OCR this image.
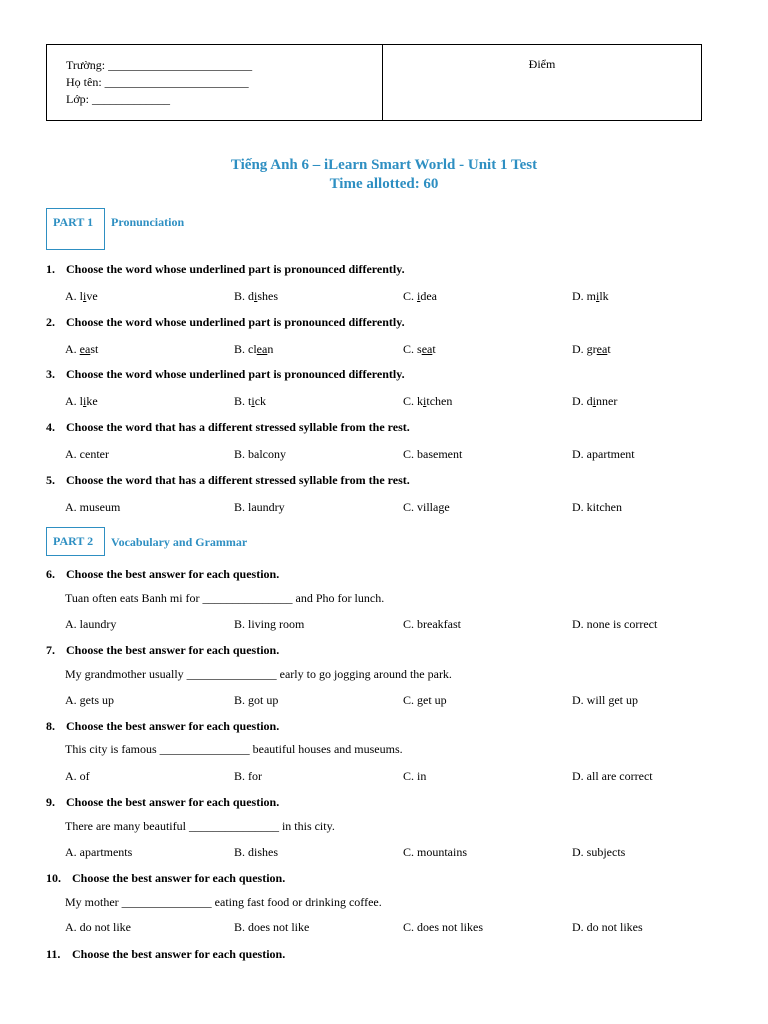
Trường: ________________________
Họ tên: ________________________
Lớp: _____________
Điểm
Tiếng Anh 6 – iLearn Smart World - Unit 1 Test
Time allotted: 60
PART 1	Pronunciation
PART 2	Vocabulary and Grammar
1. Choose the word whose underlined part is pronounced differently.
A. live	B. dishes	C. idea	D. milk
2. Choose the word whose underlined part is pronounced differently.
A. east	B. clean	C. seat	D. great
3. Choose the word whose underlined part is pronounced differently.
A. like	B. tick	C. kitchen	D. dinner
4. Choose the word that has a different stressed syllable from the rest.
A. center	B. balcony	C. basement	D. apartment
5. Choose the word that has a different stressed syllable from the rest.
A. museum	B. laundry	C. village	D. kitchen
6. Choose the best answer for each question.
Tuan often eats Banh mi for _______________ and Pho for lunch.
A. laundry	B. living room	C. breakfast	D. none is correct
7. Choose the best answer for each question.
My grandmother usually _______________ early to go jogging around the park.
A. gets up	B. got up	C. get up	D. will get up
8. Choose the best answer for each question.
This city is famous _______________ beautiful houses and museums.
A. of	B. for	C. in	D. all are correct
9. Choose the best answer for each question.
There are many beautiful _______________ in this city.
A. apartments	B. dishes	C. mountains	D. subjects
10. Choose the best answer for each question.
My mother _______________ eating fast food or drinking coffee.
A. do not like	B. does not like	C. does not likes	D. do not likes
11. Choose the best answer for each question.
